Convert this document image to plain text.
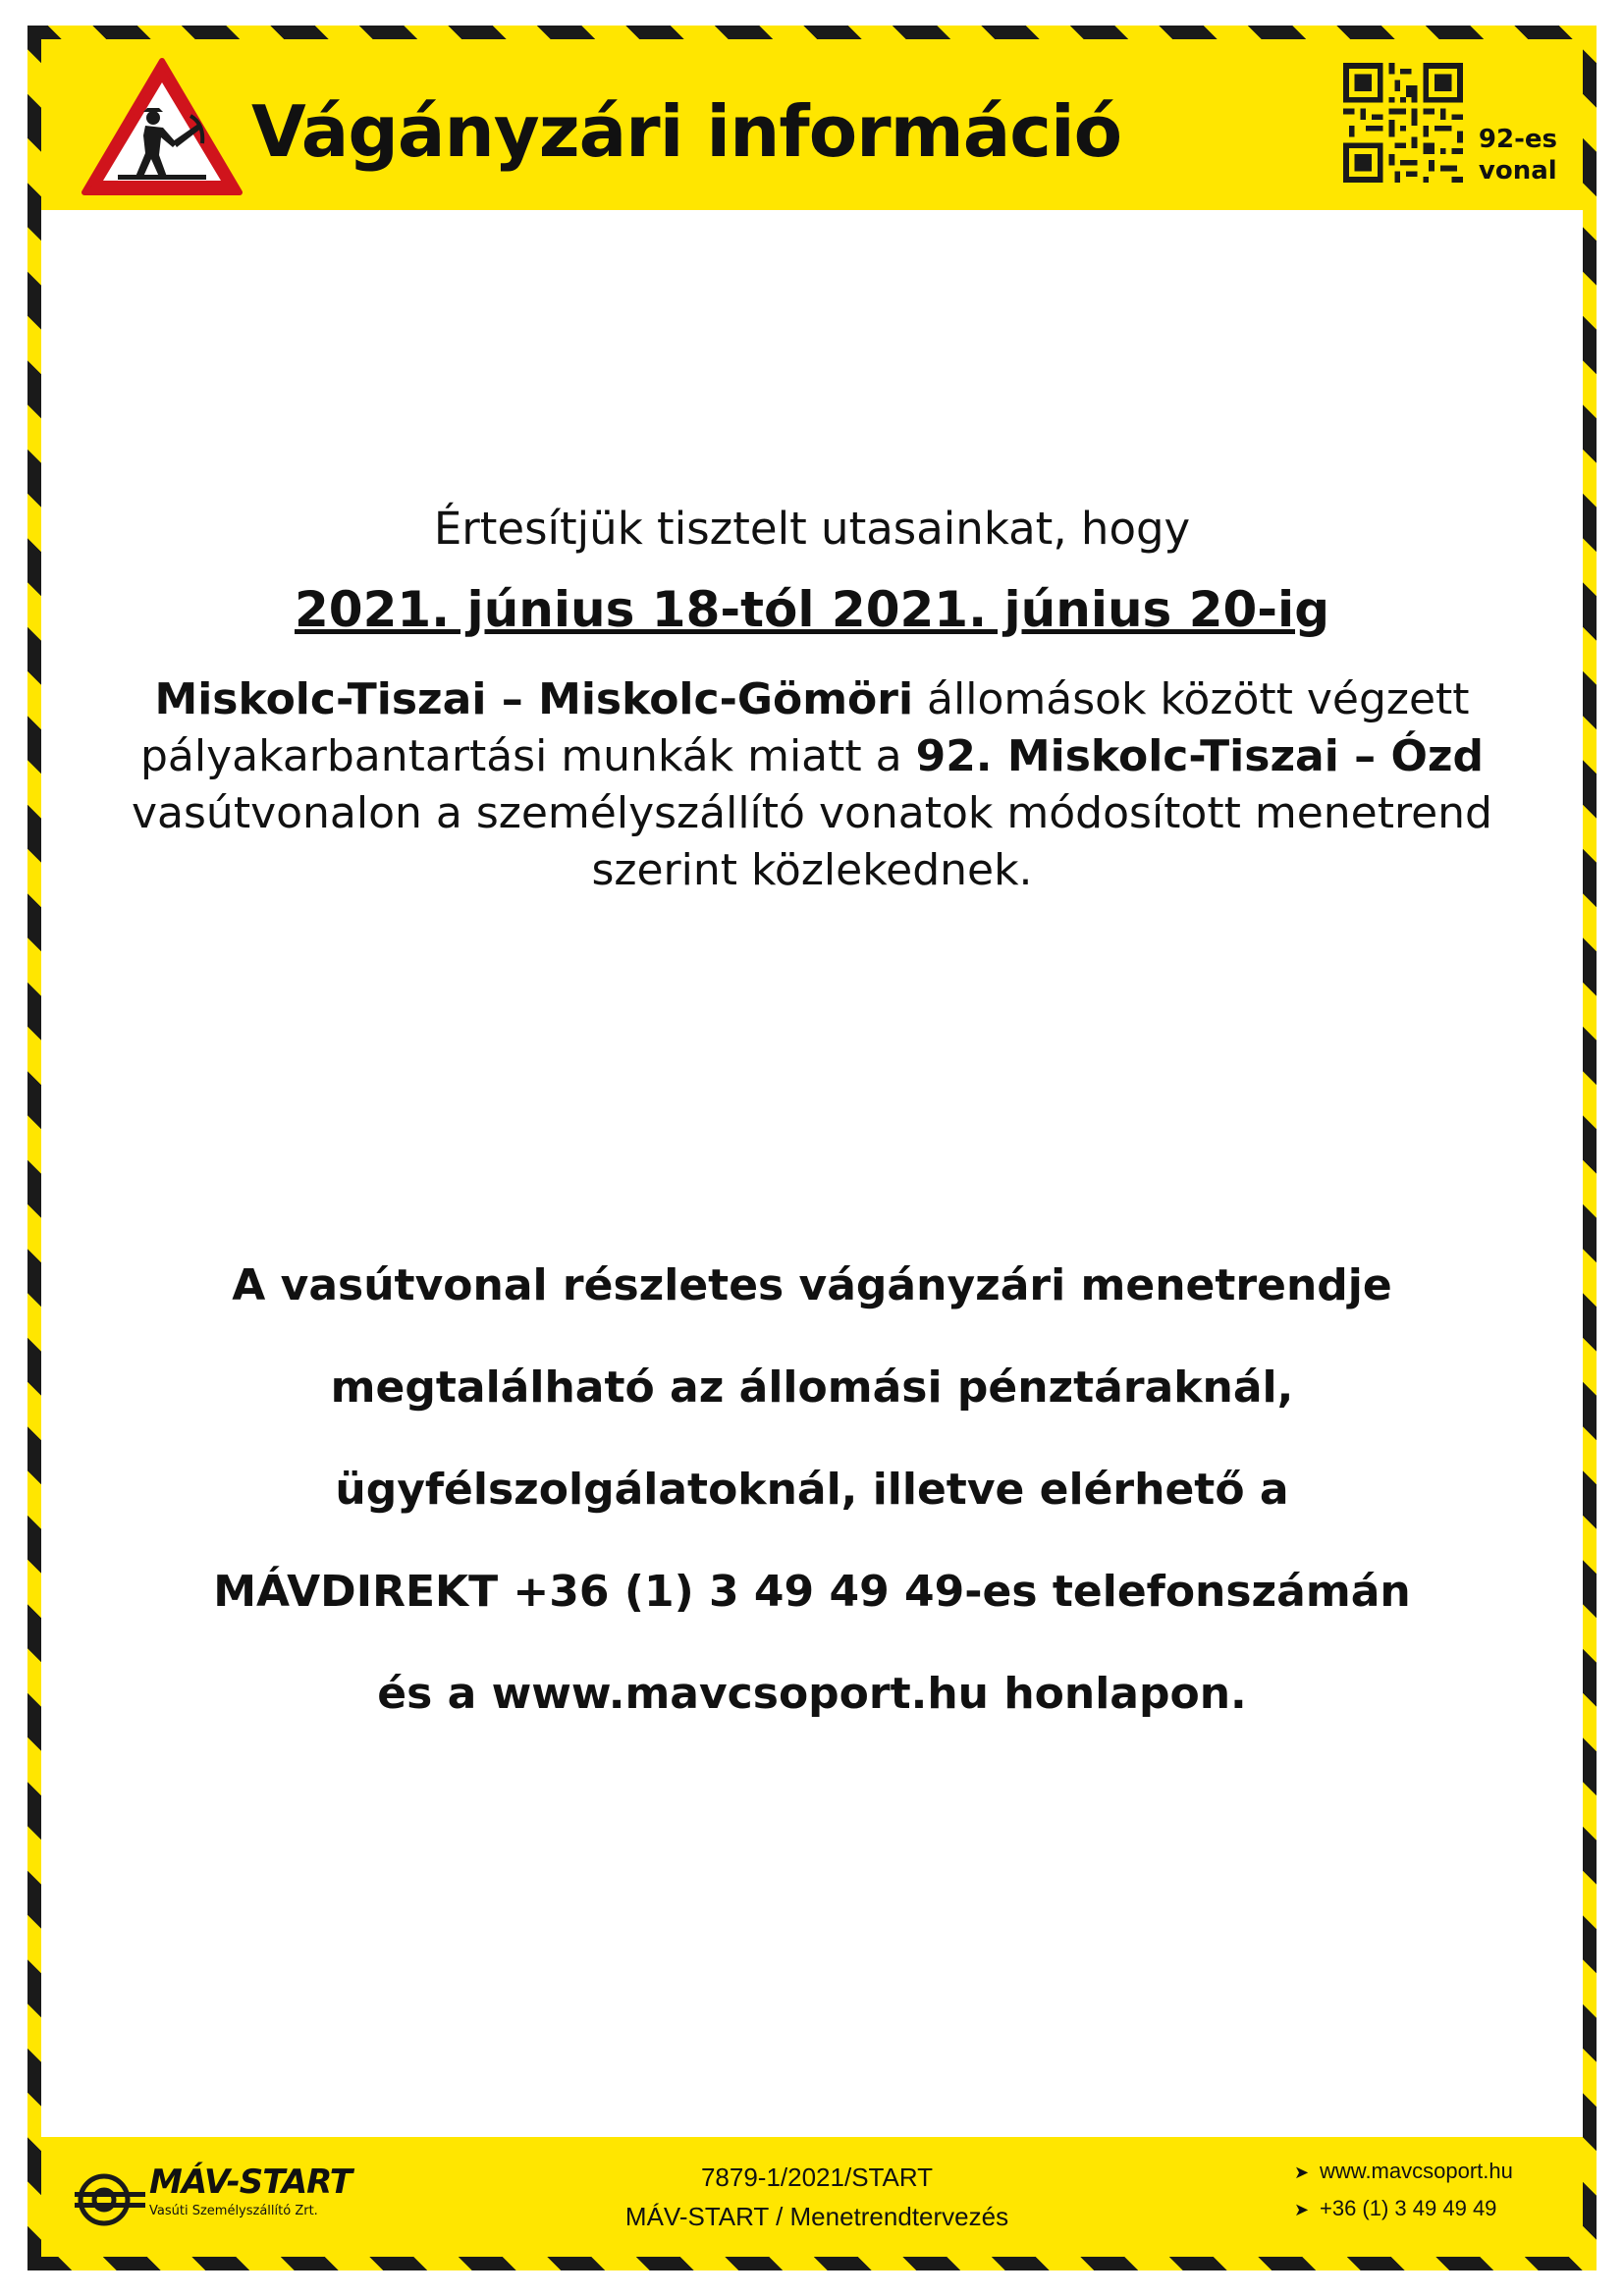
Vágányzári információ	92-es
vonal
Értesítjük tisztelt utasainkat, hogy
2021. június 18-tól 2021. június 20-ig
Miskolc-Tiszai – Miskolc-Gömöri állomások között végzett
pályakarbantartási munkák miatt a 92. Miskolc-Tiszai – Ózd
vasútvonalon a személyszállító vonatok módosított menetrend
szerint közlekednek.
A vasútvonal részletes vágányzári menetrendje
megtalálható az állomási pénztáraknál,
ügyfélszolgálatoknál, illetve elérhető a
MÁVDIREKT +36 (1) 3 49 49 49-es telefonszámán
és a www.mavcsoport.hu honlapon.
MÁV-START
Vasúti Személyszállító Zrt.
7879-1/2021/START
MÁV-START / Menetrendtervezés
➤ www.mavcsoport.hu
➤ +36 (1) 3 49 49 49
